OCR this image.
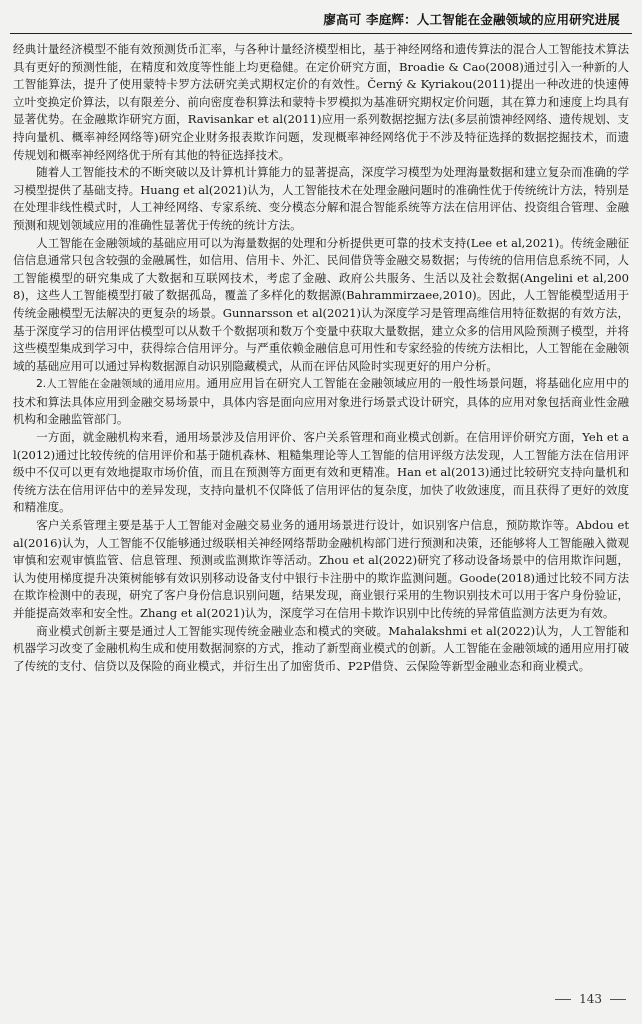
廖高可 李庭辉：人工智能在金融领域的应用研究进展

经典计量经济模型不能有效预测货币汇率，与各种计量经济模型相比，基于神经网络和遗传算法的混合人工智能技术算法具有更好的预测性能，在精度和效度等性能上均更稳健。在定价研究方面，Broadie & Cao(2008)通过引入一种新的人工智能算法，提升了使用蒙特卡罗方法研究美式期权定价的有效性。Černý & Kyriakou(2011)提出一种改进的快速傅立叶变换定价算法，以有限差分、前向密度卷积算法和蒙特卡罗模拟为基准研究期权定价问题，其在算力和速度上均具有显著优势。在金融欺诈研究方面，Ravisankar et al(2011)应用一系列数据挖掘方法(多层前馈神经网络、遗传规划、支持向量机、概率神经网络等)研究企业财务报表欺诈问题，发现概率神经网络优于不涉及特征选择的数据挖掘技术，而遗传规划和概率神经网络优于所有其他的特征选择技术。

随着人工智能技术的不断突破以及计算机计算能力的显著提高，深度学习模型为处理海量数据和建立复杂而准确的学习模型提供了基础支持。Huang et al(2021)认为，人工智能技术在处理金融问题时的准确性优于传统统计方法，特别是在处理非线性模式时，人工神经网络、专家系统、变分模态分解和混合智能系统等方法在信用评估、投资组合管理、金融预测和规划领域应用的准确性显著优于传统的统计方法。

人工智能在金融领域的基础应用可以为海量数据的处理和分析提供更可靠的技术支持(Lee et al,2021)。传统金融征信信息通常只包含较强的金融属性，如信用、信用卡、外汇、民间借贷等金融交易数据；与传统的信用信息系统不同，人工智能模型的研究集成了大数据和互联网技术，考虑了金融、政府公共服务、生活以及社会数据(Angelini et al,2008)，这些人工智能模型打破了数据孤岛，覆盖了多样化的数据源(Bahrammirzaee,2010)。因此，人工智能模型适用于传统金融模型无法解决的更复杂的场景。Gunnarsson et al(2021)认为深度学习是管理高维信用特征数据的有效方法，基于深度学习的信用评估模型可以从数千个数据项和数万个变量中获取大量数据，建立众多的信用风险预测子模型，并将这些模型集成到学习中，获得综合信用评分。与严重依赖金融信息可用性和专家经验的传统方法相比，人工智能在金融领域的基础应用可以通过异构数据源自动识别隐藏模式，从而在评估风险时实现更好的用户分析。

2.人工智能在金融领域的通用应用。通用应用旨在研究人工智能在金融领域应用的一般性场景问题，将基础化应用中的技术和算法具体应用到金融交易场景中，具体内容是面向应用对象进行场景式设计研究，具体的应用对象包括商业性金融机构和金融监管部门。

一方面，就金融机构来看，通用场景涉及信用评价、客户关系管理和商业模式创新。在信用评价研究方面，Yeh et al(2012)通过比较传统的信用评价和基于随机森林、粗糙集理论等人工智能的信用评级方法发现，人工智能方法在信用评级中不仅可以更有效地提取市场价值，而且在预测等方面更有效和更精准。Han et al(2013)通过比较研究支持向量机和传统方法在信用评估中的差异发现，支持向量机不仅降低了信用评估的复杂度，加快了收敛速度，而且获得了更好的效度和精准度。

客户关系管理主要是基于人工智能对金融交易业务的通用场景进行设计，如识别客户信息，预防欺诈等。Abdou et al(2016)认为，人工智能不仅能够通过级联相关神经网络帮助金融机构部门进行预测和决策，还能够将人工智能融入微观审慎和宏观审慎监管、信息管理、预测或监测欺诈等活动。Zhou et al(2022)研究了移动设备场景中的信用欺诈问题，认为使用梯度提升决策树能够有效识别移动设备支付中银行卡注册中的欺诈监测问题。Goode(2018)通过比较不同方法在欺诈检测中的表现，研究了客户身份信息识别问题，结果发现，商业银行采用的生物识别技术可以用于客户身份验证，并能提高效率和安全性。Zhang et al(2021)认为，深度学习在信用卡欺诈识别中比传统的异常值监测方法更为有效。

商业模式创新主要是通过人工智能实现传统金融业态和模式的突破。Mahalakshmi et al(2022)认为，人工智能和机器学习改变了金融机构生成和使用数据洞察的方式，推动了新型商业模式的创新。人工智能在金融领域的通用应用打破了传统的支付、信贷以及保险的商业模式，并衍生出了加密货币、P2P借贷、云保险等新型金融业态和商业模式。

143
